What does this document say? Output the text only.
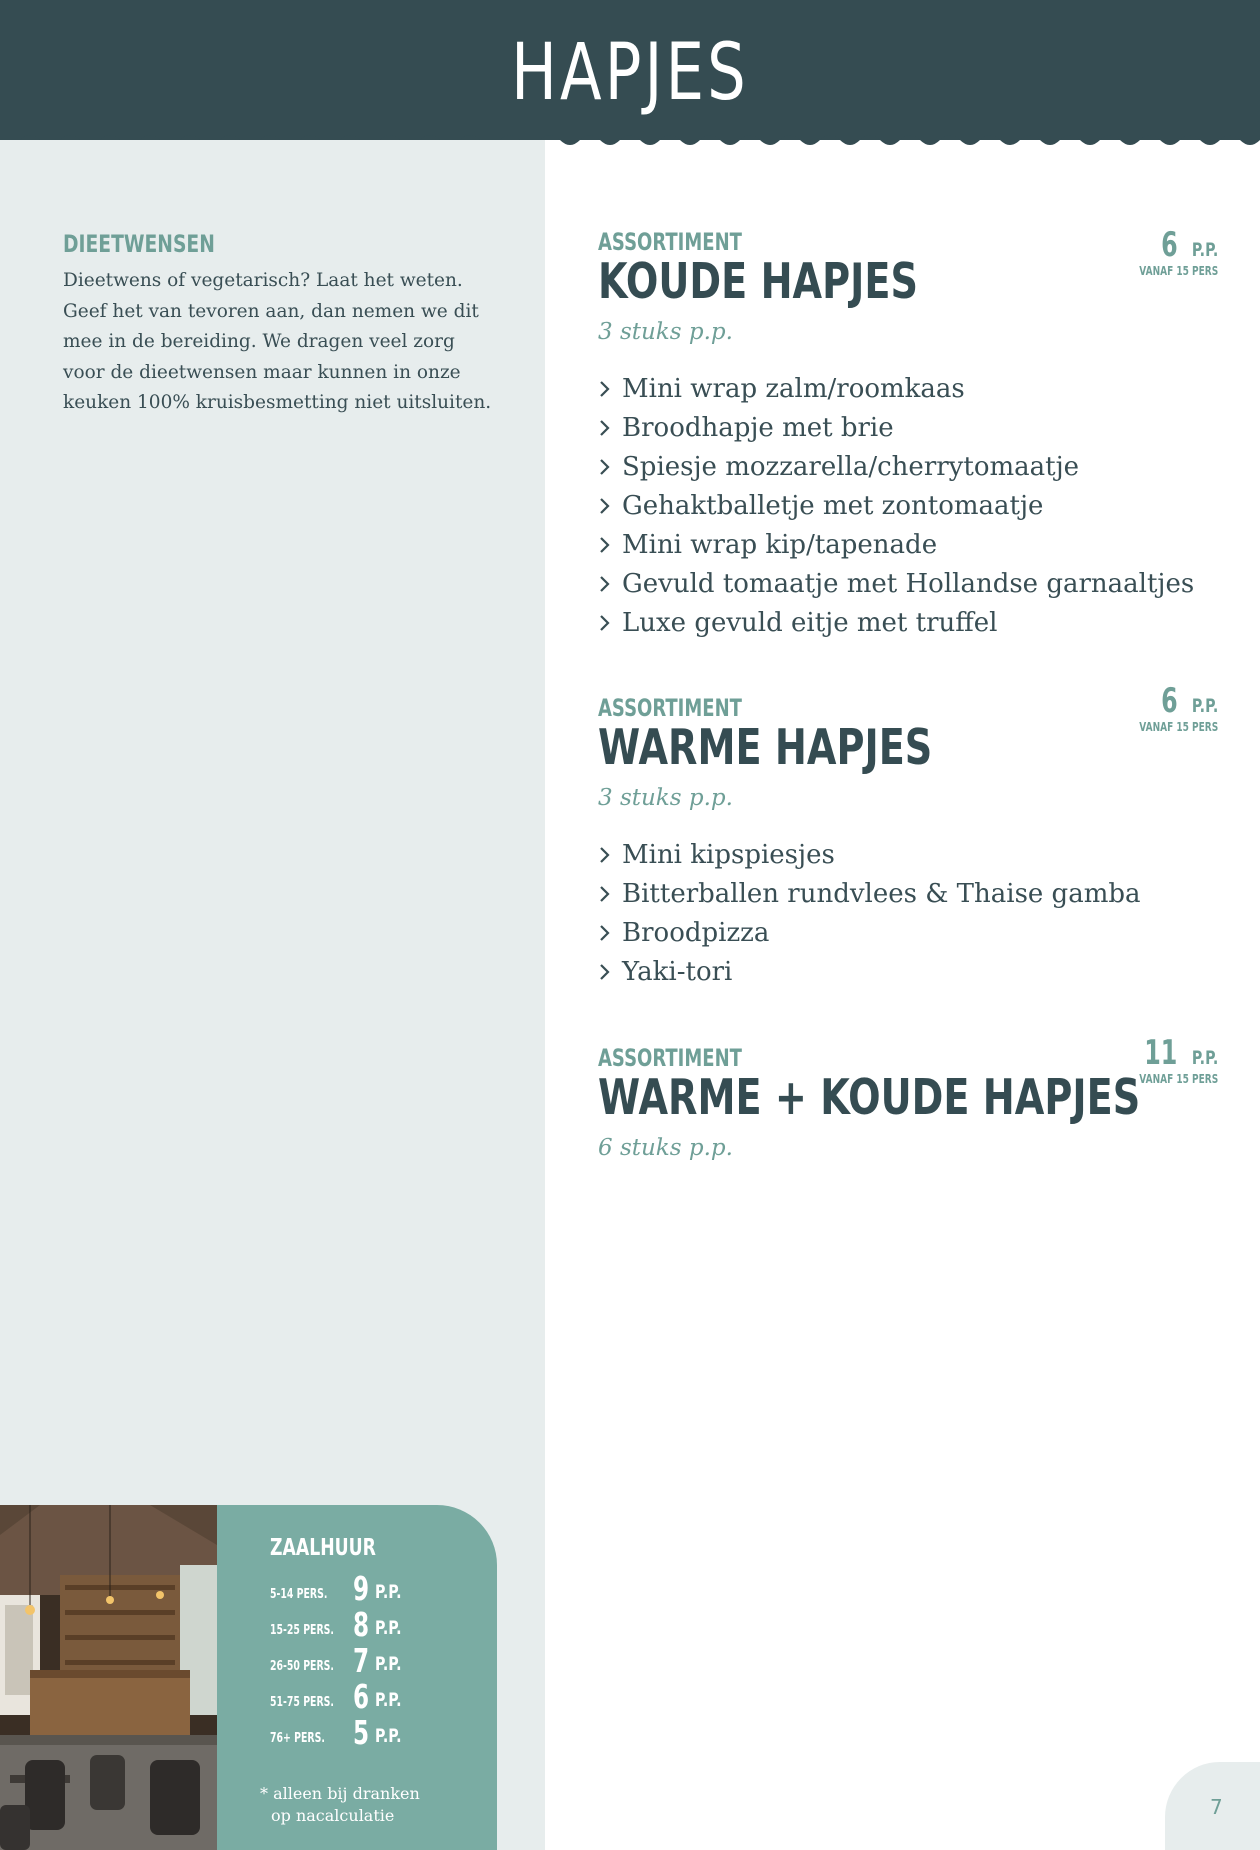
HAPJES
DIEETWENSEN
Dieetwens of vegetarisch? Laat het weten. Geef het van tevoren aan, dan nemen we dit mee in de bereiding. We dragen veel zorg voor de dieetwensen maar kunnen in onze keuken 100% kruisbesmetting niet uitsluiten.
ASSORTIMENT
KOUDE HAPJES
3 stuks p.p.
6 P.P.
VANAF 15 PERS
Mini wrap zalm/roomkaas
Broodhapje met brie
Spiesje mozzarella/cherrytomaatje
Gehaktballetje met zontomaatje
Mini wrap kip/tapenade
Gevuld tomaatje met Hollandse garnaaltjes
Luxe gevuld eitje met truffel
ASSORTIMENT
WARME HAPJES
3 stuks p.p.
6 P.P.
VANAF 15 PERS
Mini kipspiesjes
Bitterballen rundvlees & Thaise gamba
Broodpizza
Yaki-tori
ASSORTIMENT
WARME + KOUDE HAPJES
6 stuks p.p.
11 P.P.
VANAF 15 PERS
ZAALHUUR
5-14 PERS. 9 P.P.
15-25 PERS. 8 P.P.
26-50 PERS. 7 P.P.
51-75 PERS. 6 P.P.
76+ PERS. 5 P.P.
* alleen bij dranken
op nacalculatie	7
